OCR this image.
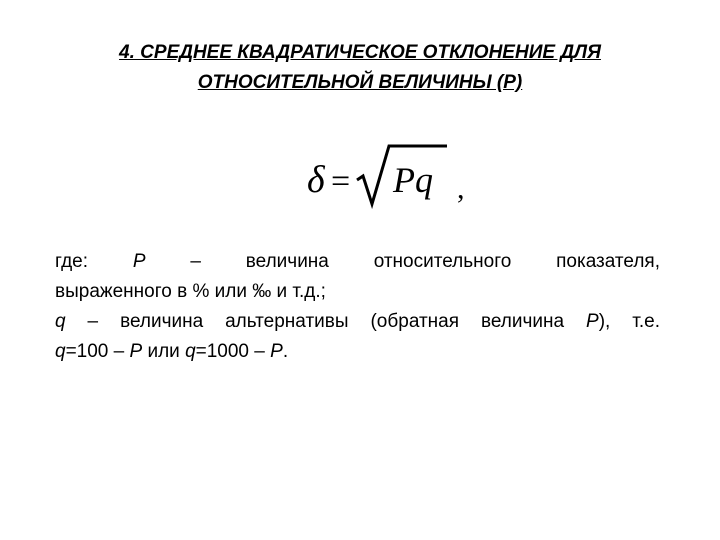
4. СРЕДНЕЕ КВАДРАТИЧЕСКОЕ ОТКЛОНЕНИЕ ДЛЯ
ОТНОСИТЕЛЬНОЙ ВЕЛИЧИНЫ (Р)
δ = Pq ,
где: Р – величина относительного показателя,
выраженного в % или ‰ и т.д.;
q – величина альтернативы (обратная величина Р), т.е.
q=100 – Р или q=1000 – Р.
